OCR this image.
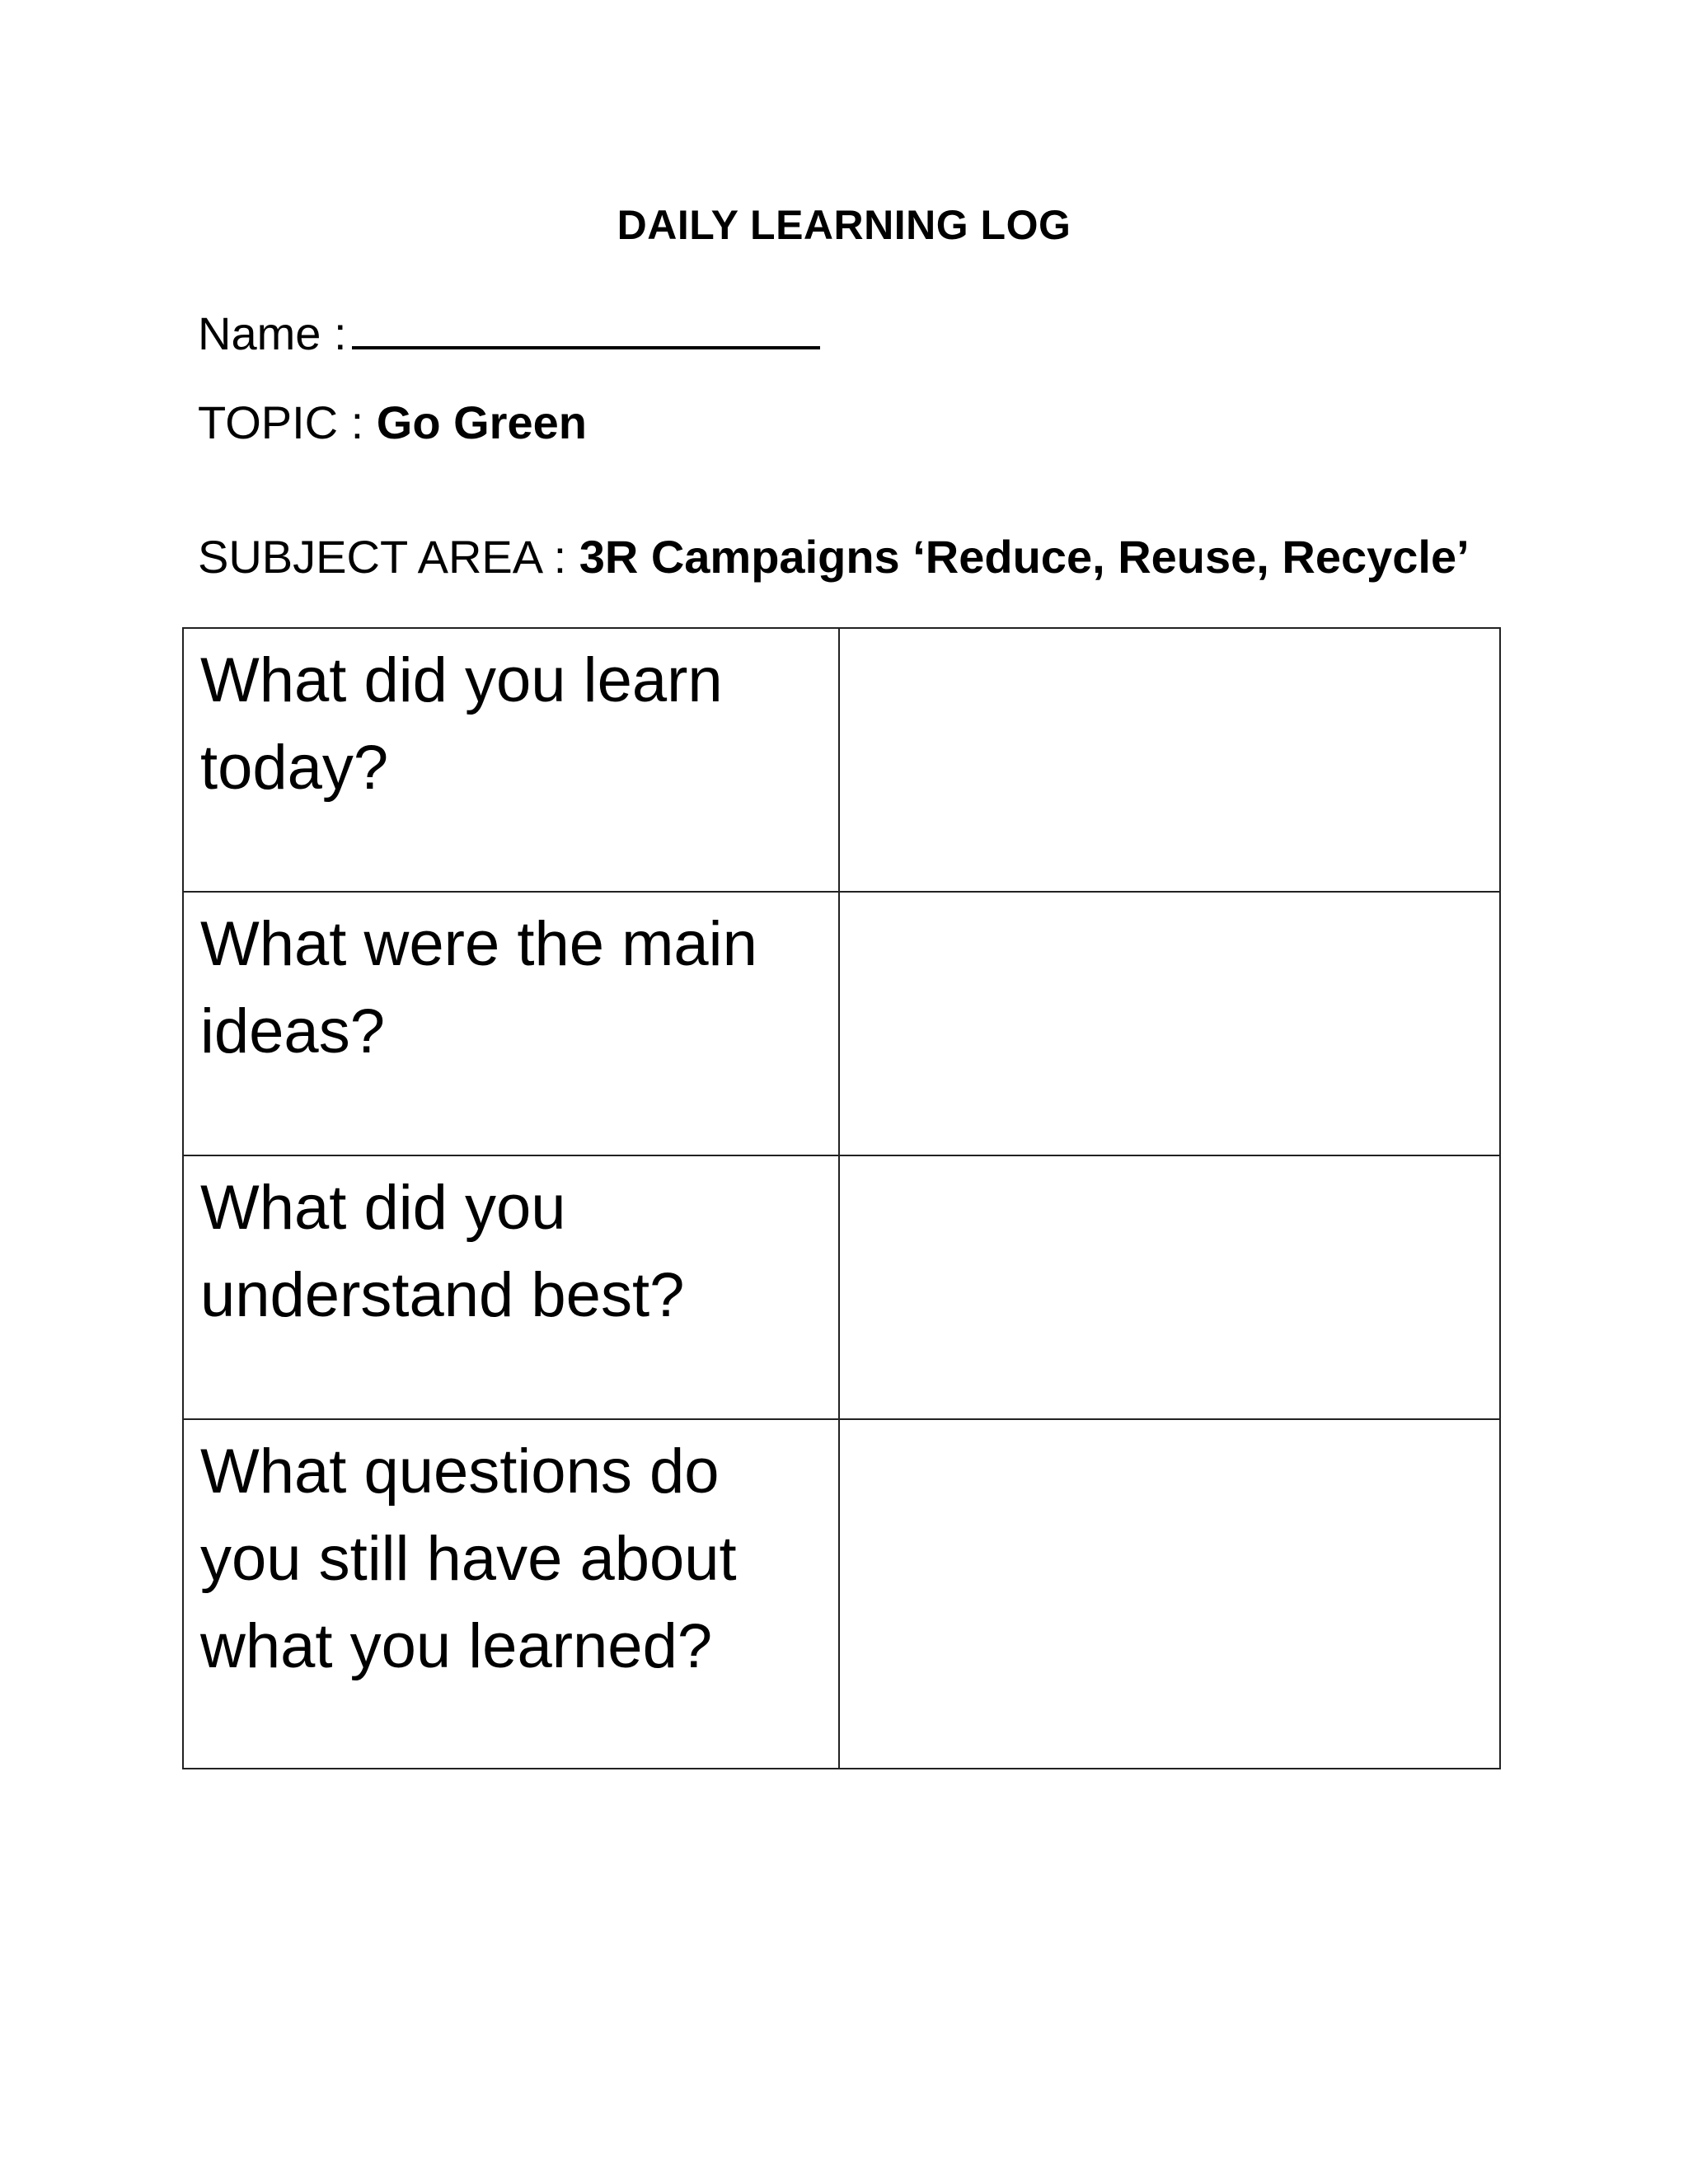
DAILY LEARNING LOG
Name :
TOPIC : Go Green
SUBJECT AREA : 3R Campaigns ‘Reduce, Reuse, Recycle’
What did you learn today?	
What were the main ideas?	
What did you understand best?	
What questions do you still have about what you learned?	
